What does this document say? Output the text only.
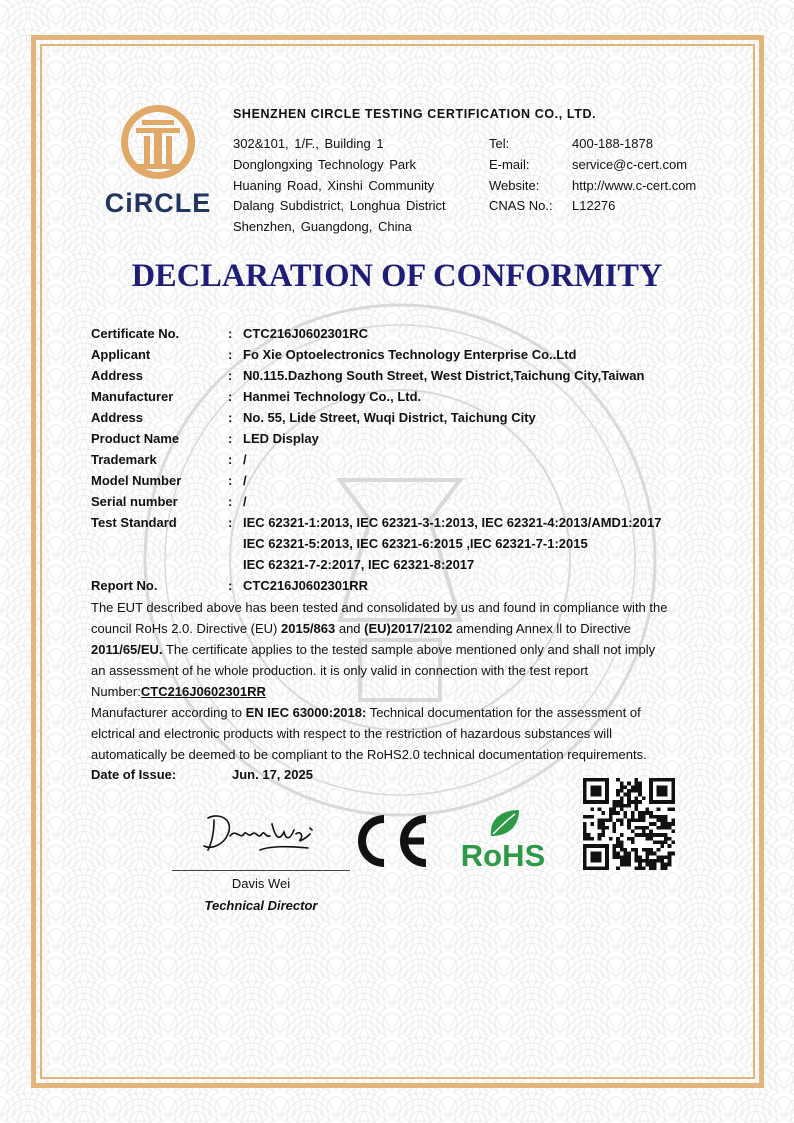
CiRCLE
SHENZHEN CIRCLE TESTING CERTIFICATION CO., LTD.
302&101, 1/F., Building 1
Donglongxing Technology Park
Huaning Road, Xinshi Community
Dalang Subdistrict, Longhua District
Shenzhen, Guangdong, China
Tel:	400-188-1878
E-mail:	service@c-cert.com
Website:	http://www.c-cert.com
CNAS No.:	L12276
DECLARATION OF CONFORMITY
Certificate No.	: CTC216J0602301RC
Applicant	: Fo Xie Optoelectronics Technology Enterprise Co..Ltd
Address	: N0.115.Dazhong South Street, West District,Taichung City,Taiwan
Manufacturer	: Hanmei Technology Co., Ltd.
Address	: No. 55, Lide Street, Wuqi District, Taichung City
Product Name	: LED Display
Trademark	: /
Model Number	: /
Serial number	: /
Test Standard	: IEC 62321-1:2013, IEC 62321-3-1:2013, IEC 62321-4:2013/AMD1:2017
IEC 62321-5:2013, IEC 62321-6:2015 ,IEC 62321-7-1:2015
IEC 62321-7-2:2017, IEC 62321-8:2017
Report No.	: CTC216J0602301RR
The EUT described above has been tested and consolidated by us and found in compliance with the
council RoHs 2.0. Directive (EU) 2015/863 and (EU)2017/2102 amending Annex ll to Directive
2011/65/EU. The certificate applies to the tested sample above mentioned only and shall not imply
an assessment of he whole production. it is only valid in connection with the test report
Number:CTC216J0602301RR
Manufacturer according to EN IEC 63000:2018: Technical documentation for the assessment of
elctrical and electronic products with respect to the restriction of hazardous substances will
automatically be deemed to be compliant to the RoHS2.0 technical documentation requirements.
Date of Issue:	Jun. 17, 2025
Davis Wei
Technical Director
RoHS
